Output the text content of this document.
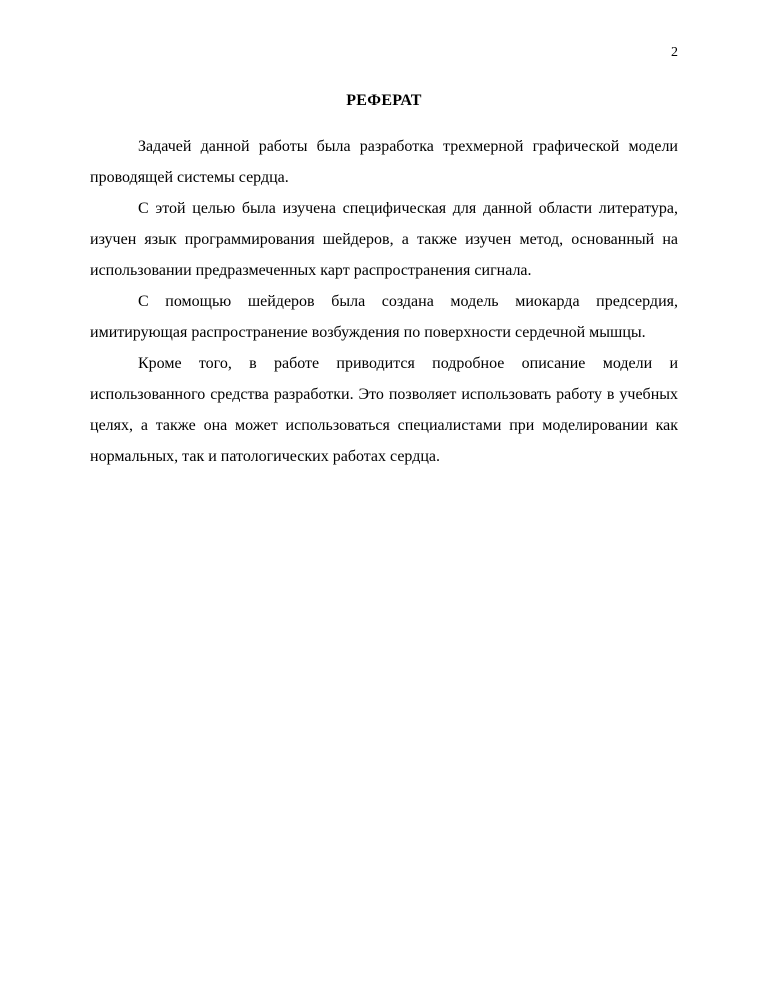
2
РЕФЕРАТ

Задачей данной работы была разработка трехмерной графической модели проводящей системы сердца.

С этой целью была изучена специфическая для данной области литература, изучен язык программирования шейдеров, а также изучен метод, основанный на использовании предразмеченных карт распространения сигнала.

С помощью шейдеров была создана модель миокарда предсердия, имитирующая распространение возбуждения по поверхности сердечной мышцы.

Кроме того, в работе приводится подробное описание модели и использованного средства разработки. Это позволяет использовать работу в учебных целях, а также она может использоваться специалистами при моделировании как нормальных, так и патологических работах сердца.
